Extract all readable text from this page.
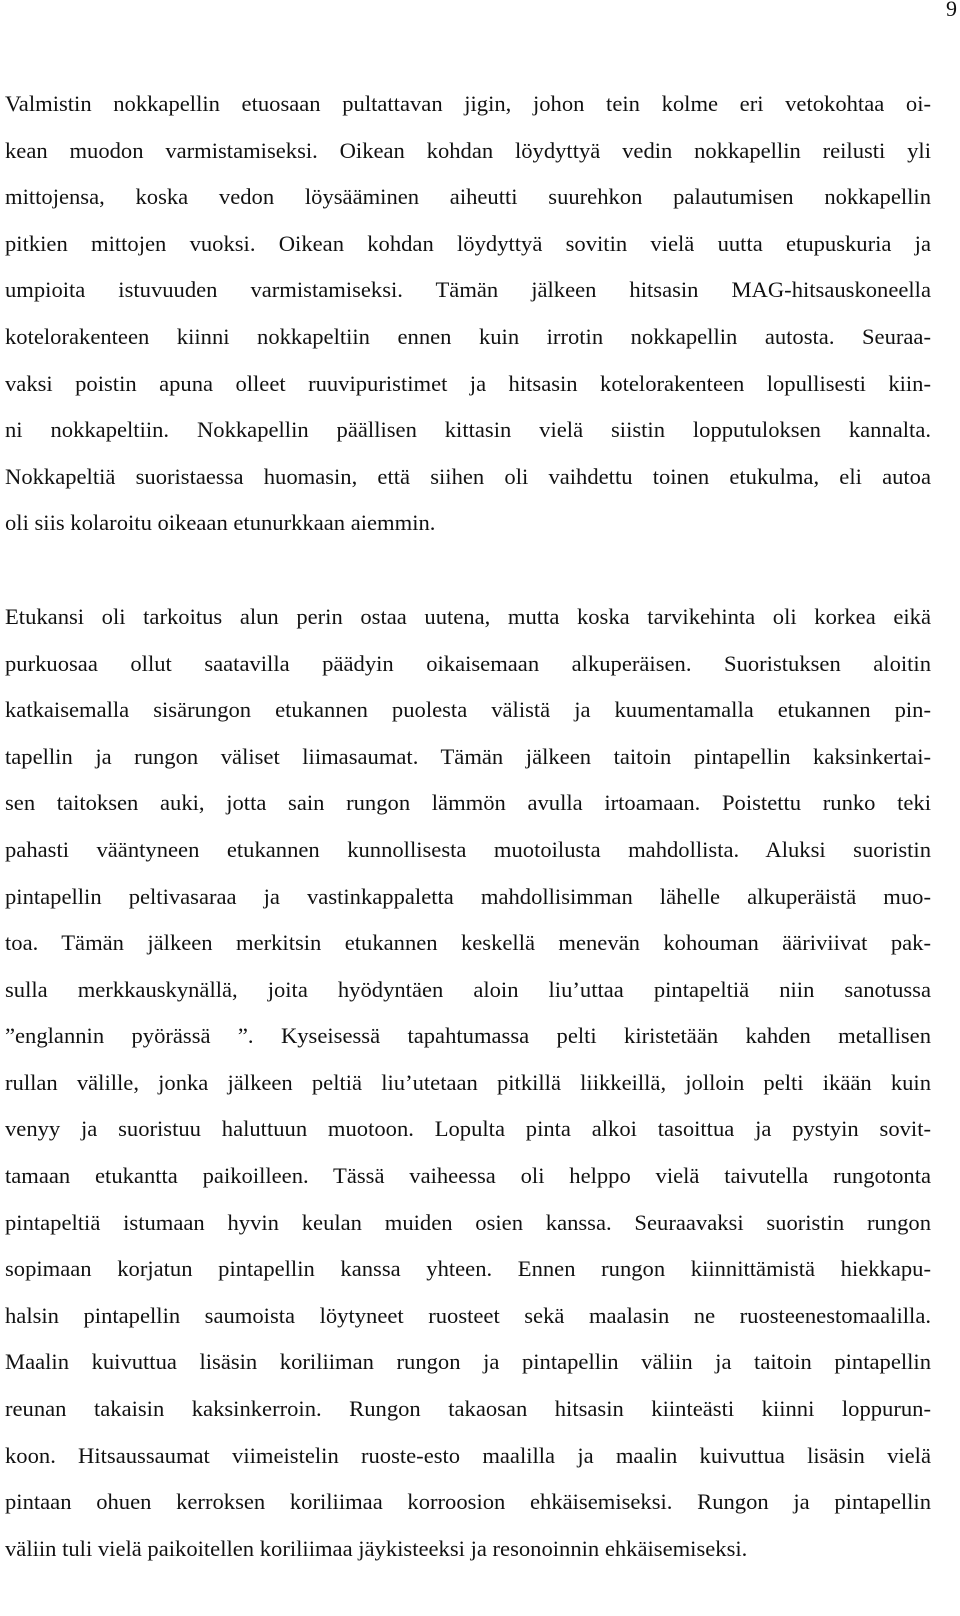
9
Valmistin nokkapellin etuosaan pultattavan jigin, johon tein kolme eri vetokohtaa oi-
kean muodon varmistamiseksi. Oikean kohdan löydyttyä vedin nokkapellin reilusti yli
mittojensa, koska vedon löysääminen aiheutti suurehkon palautumisen nokkapellin
pitkien mittojen vuoksi. Oikean kohdan löydyttyä sovitin vielä uutta etupuskuria ja
umpioita istuvuuden varmistamiseksi. Tämän jälkeen hitsasin MAG-hitsauskoneella
kotelorakenteen kiinni nokkapeltiin ennen kuin irrotin nokkapellin autosta. Seuraa-
vaksi poistin apuna olleet ruuvipuristimet ja hitsasin kotelorakenteen lopullisesti kiin-
ni nokkapeltiin. Nokkapellin päällisen kittasin vielä siistin lopputuloksen kannalta.
Nokkapeltiä suoristaessa huomasin, että siihen oli vaihdettu toinen etukulma, eli autoa
oli siis kolaroitu oikeaan etunurkkaan aiemmin.
Etukansi oli tarkoitus alun perin ostaa uutena, mutta koska tarvikehinta oli korkea eikä
purkuosaa ollut saatavilla päädyin oikaisemaan alkuperäisen. Suoristuksen aloitin
katkaisemalla sisärungon etukannen puolesta välistä ja kuumentamalla etukannen pin-
tapellin ja rungon väliset liimasaumat. Tämän jälkeen taitoin pintapellin kaksinkertai-
sen taitoksen auki, jotta sain rungon lämmön avulla irtoamaan. Poistettu runko teki
pahasti vääntyneen etukannen kunnollisesta muotoilusta mahdollista. Aluksi suoristin
pintapellin peltivasaraa ja vastinkappaletta mahdollisimman lähelle alkuperäistä muo-
toa. Tämän jälkeen merkitsin etukannen keskellä menevän kohouman ääriviivat pak-
sulla merkkauskynällä, joita hyödyntäen aloin liu’uttaa pintapeltiä niin sanotussa
”englannin pyörässä ”. Kyseisessä tapahtumassa pelti kiristetään kahden metallisen
rullan välille, jonka jälkeen peltiä liu’utetaan pitkillä liikkeillä, jolloin pelti ikään kuin
venyy ja suoristuu haluttuun muotoon. Lopulta pinta alkoi tasoittua ja pystyin sovit-
tamaan etukantta paikoilleen. Tässä vaiheessa oli helppo vielä taivutella rungotonta
pintapeltiä istumaan hyvin keulan muiden osien kanssa. Seuraavaksi suoristin rungon
sopimaan korjatun pintapellin kanssa yhteen. Ennen rungon kiinnittämistä hiekkapu-
halsin pintapellin saumoista löytyneet ruosteet sekä maalasin ne ruosteenestomaalilla.
Maalin kuivuttua lisäsin koriliiman rungon ja pintapellin väliin ja taitoin pintapellin
reunan takaisin kaksinkerroin. Rungon takaosan hitsasin kiinteästi kiinni loppurun-
koon. Hitsaussaumat viimeistelin ruoste-esto maalilla ja maalin kuivuttua lisäsin vielä
pintaan ohuen kerroksen koriliimaa korroosion ehkäisemiseksi. Rungon ja pintapellin
väliin tuli vielä paikoitellen koriliimaa jäykisteeksi ja resonoinnin ehkäisemiseksi.
